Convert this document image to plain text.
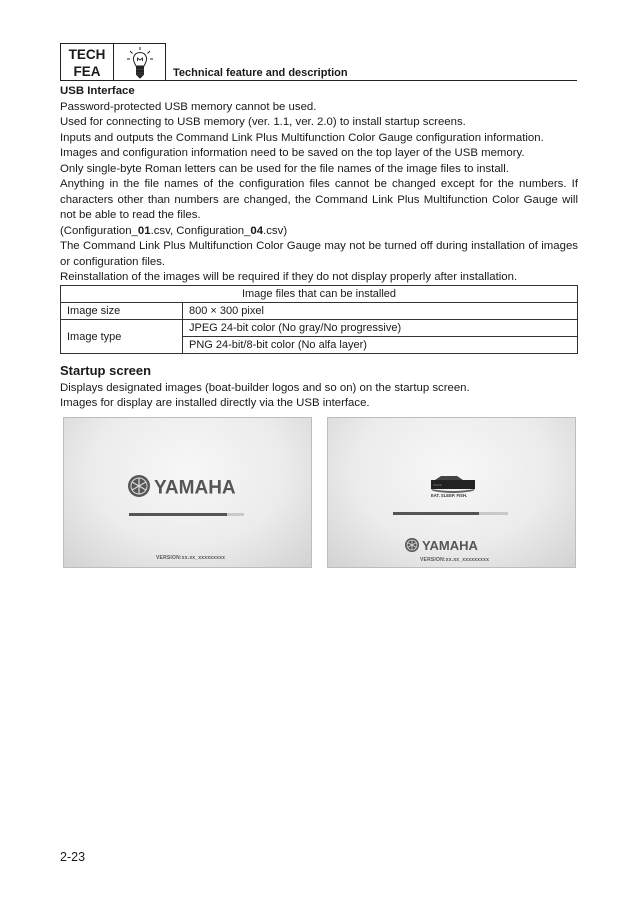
TECH
FEA	Technical feature and description

USB Interface

Password-protected USB memory cannot be used.

Used for connecting to USB memory (ver. 1.1, ver. 2.0) to install startup screens.

Inputs and outputs the Command Link Plus Multifunction Color Gauge configuration information.

Images and configuration information need to be saved on the top layer of the USB memory.

Only single-byte Roman letters can be used for the file names of the image files to install.

Anything in the file names of the configuration files cannot be changed except for the numbers. If characters other than numbers are changed, the Command Link Plus Multifunction Color Gauge will not be able to read the files.

(Configuration_01.csv, Configuration_04.csv)

The Command Link Plus Multifunction Color Gauge may not be turned off during installation of images or configuration files.

Reinstallation of the images will be required if they do not display properly after installation.

Image files that can be installed	
Image size	800 × 300 pixel
Image type	JPEG 24-bit color (No gray/No progressive)
	PNG 24-bit/8-bit color (No alfa layer)

Startup screen

Displays designated images (boat-builder logos and so on) on the startup screen.

Images for display are installed directly via the USB interface.

YAMAHA
VERSION:xx.xx_xxxxxxxxx
~~~
EAT. SLEEP. FISH.
YAMAHA
VERSION:xx.xx_xxxxxxxxx
2-23
